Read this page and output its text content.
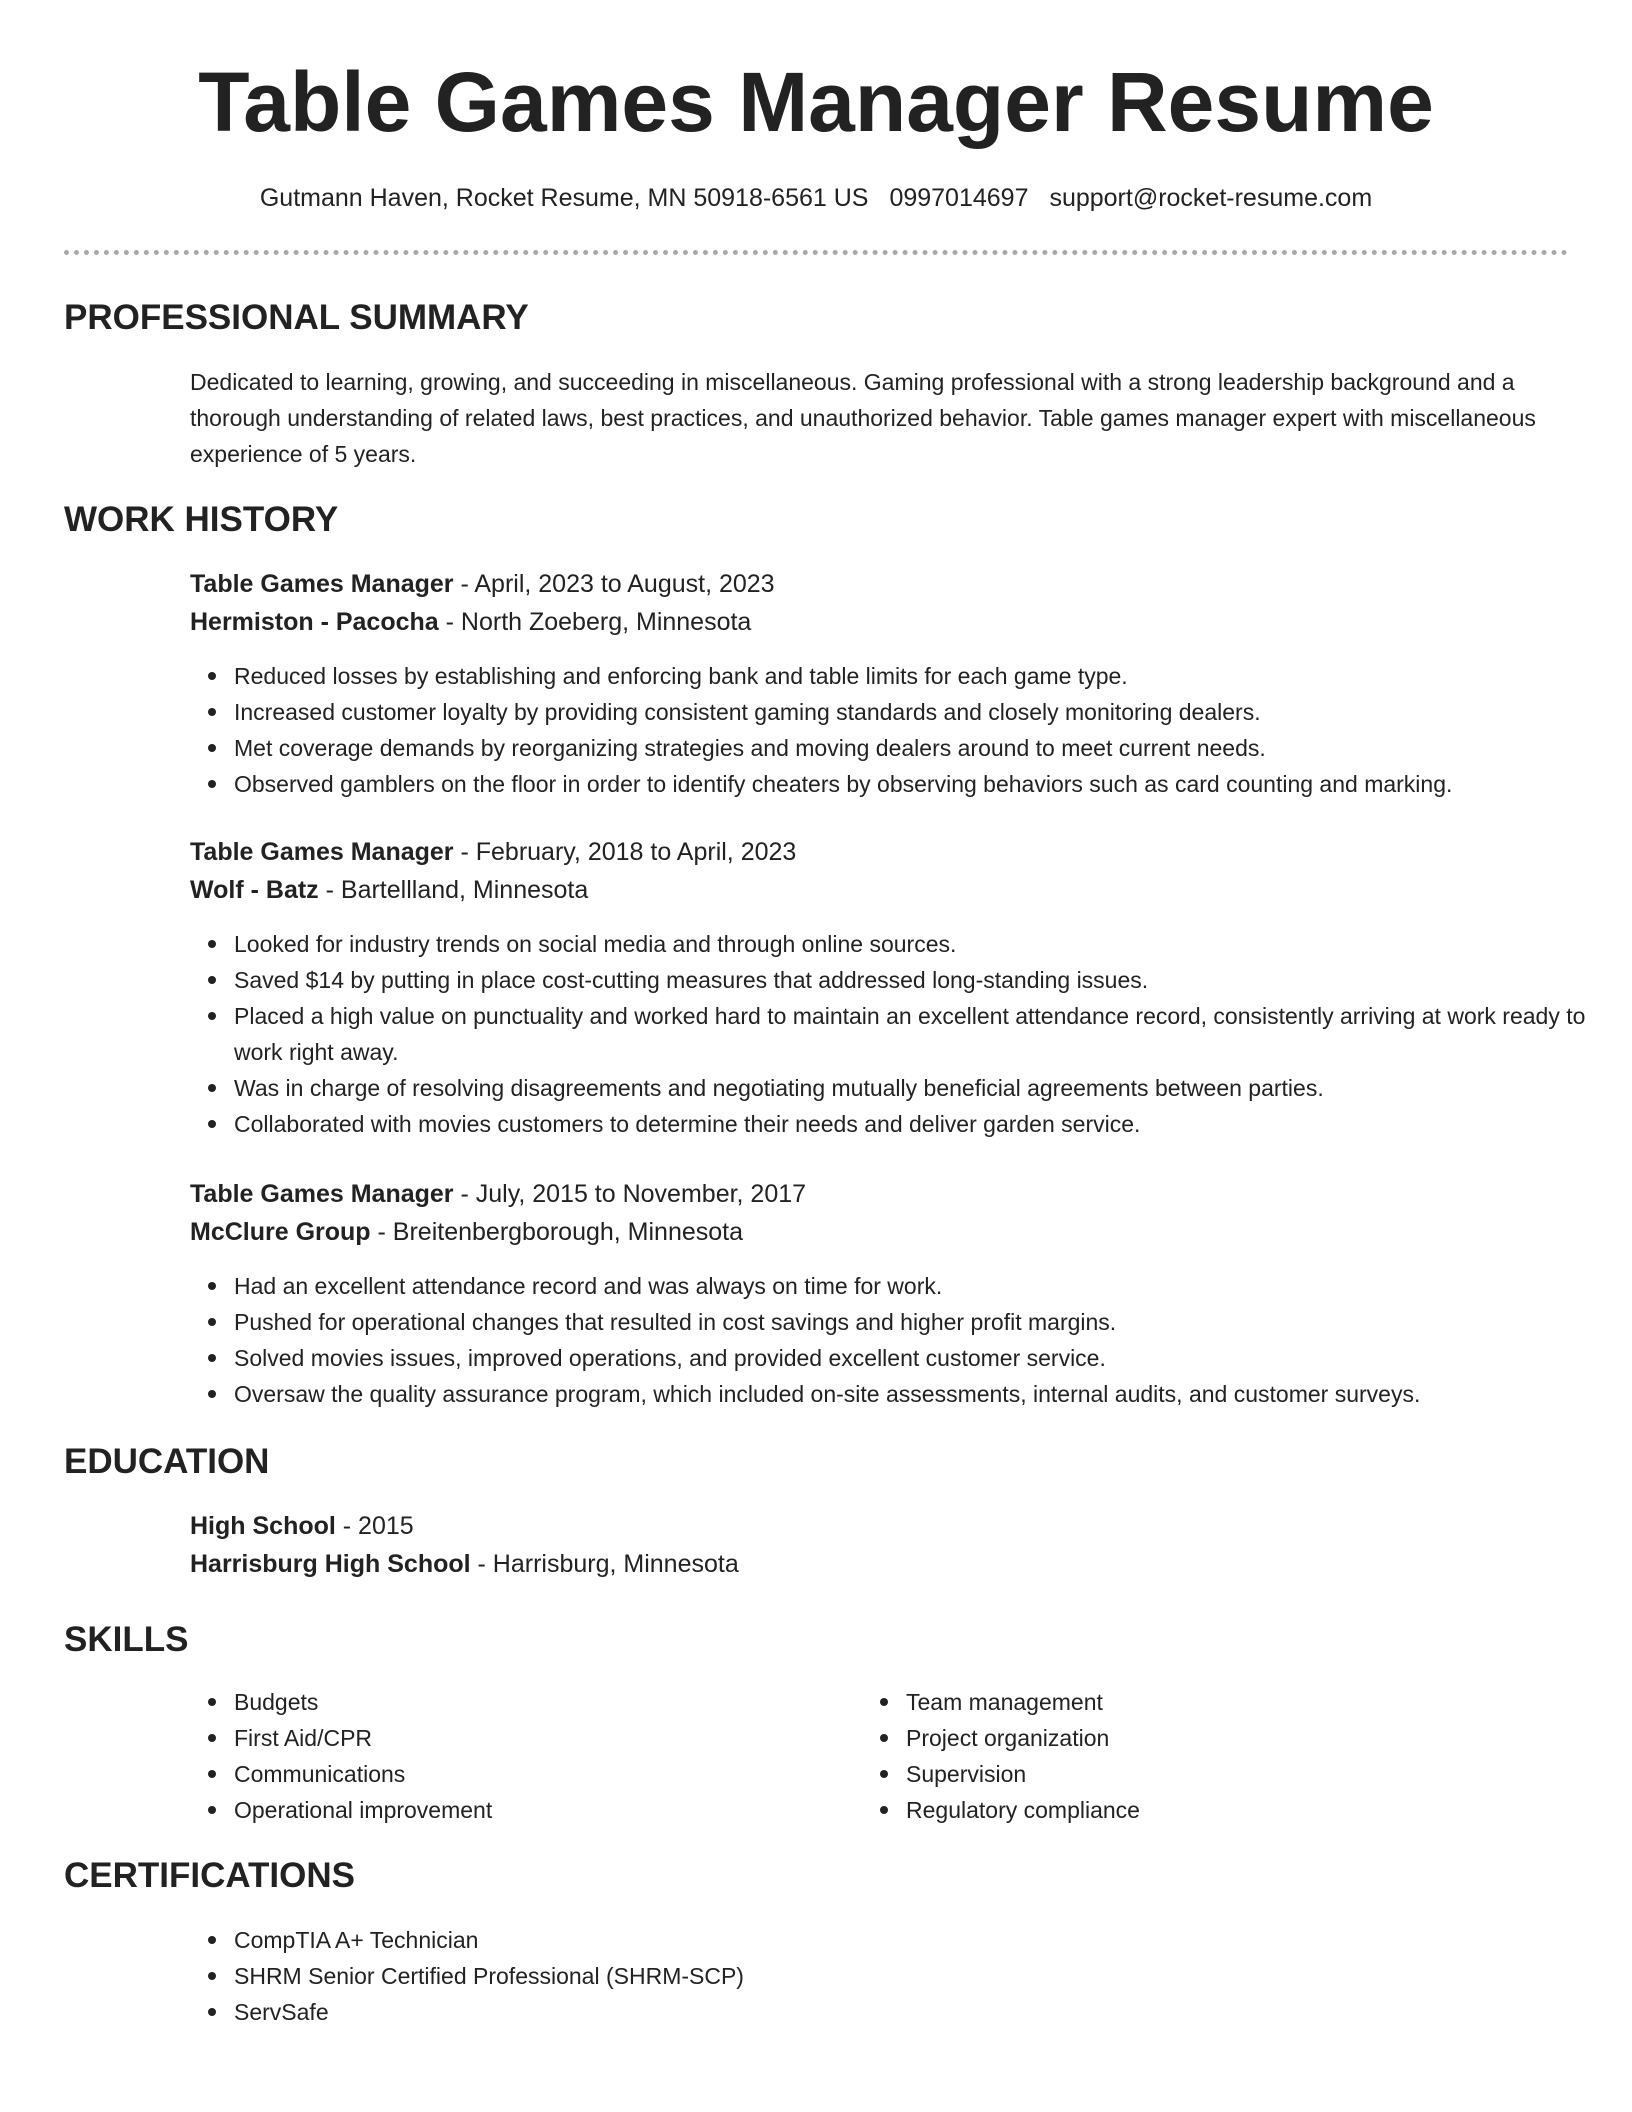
Table Games Manager Resume
Gutmann Haven, Rocket Resume, MN 50918-6561 US 0997014697 support@rocket-resume.com
PROFESSIONAL SUMMARY

Dedicated to learning, growing, and succeeding in miscellaneous. Gaming professional with a strong leadership background and a thorough understanding of related laws, best practices, and unauthorized behavior. Table games manager expert with miscellaneous experience of 5 years.

WORK HISTORY

Table Games Manager - April, 2023 to August, 2023

Hermiston - Pacocha - North Zoeberg, Minnesota

Reduced losses by establishing and enforcing bank and table limits for each game type.
Increased customer loyalty by providing consistent gaming standards and closely monitoring dealers.
Met coverage demands by reorganizing strategies and moving dealers around to meet current needs.
Observed gamblers on the floor in order to identify cheaters by observing behaviors such as card counting and marking.

Table Games Manager - February, 2018 to April, 2023

Wolf - Batz - Bartellland, Minnesota

Looked for industry trends on social media and through online sources.
Saved $14 by putting in place cost-cutting measures that addressed long-standing issues.
Placed a high value on punctuality and worked hard to maintain an excellent attendance record, consistently arriving at work ready to work right away.
Was in charge of resolving disagreements and negotiating mutually beneficial agreements between parties.
Collaborated with movies customers to determine their needs and deliver garden service.

Table Games Manager - July, 2015 to November, 2017

McClure Group - Breitenbergborough, Minnesota

Had an excellent attendance record and was always on time for work.
Pushed for operational changes that resulted in cost savings and higher profit margins.
Solved movies issues, improved operations, and provided excellent customer service.
Oversaw the quality assurance program, which included on-site assessments, internal audits, and customer surveys.
EDUCATION

High School - 2015

Harrisburg High School - Harrisburg, Minnesota

SKILLS
Budgets
First Aid/CPR
Communications
Operational improvement
Team management
Project organization
Supervision
Regulatory compliance
CERTIFICATIONS
CompTIA A+ Technician
SHRM Senior Certified Professional (SHRM-SCP)
ServSafe
